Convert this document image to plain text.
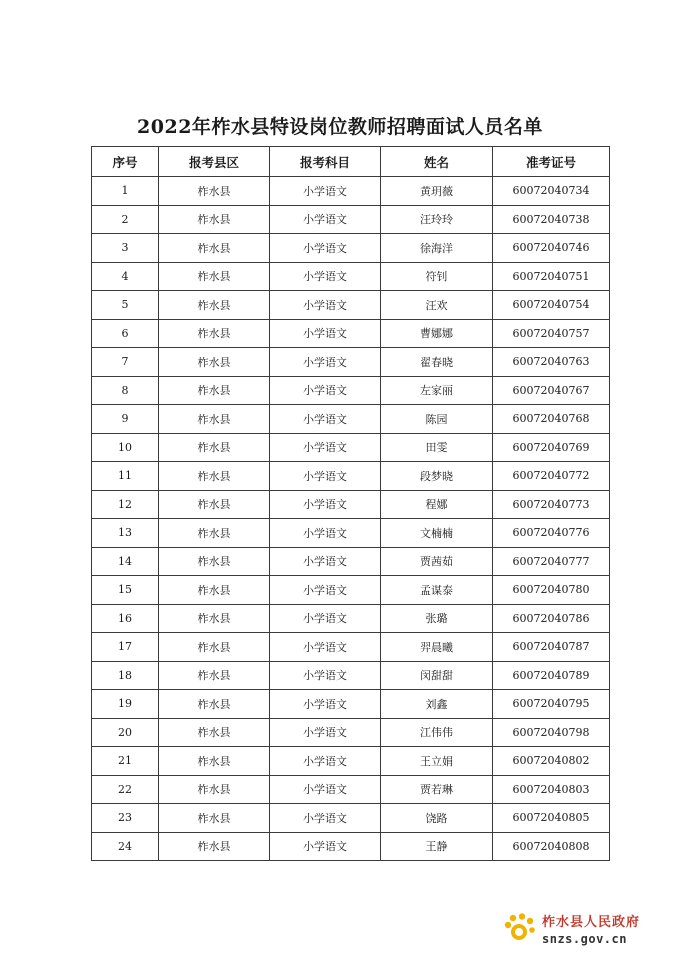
2022年柞水县特设岗位教师招聘面试人员名单
序号	报考县区	报考科目	姓名	准考证号
1	柞水县	小学语文	黄玥薇	60072040734
2	柞水县	小学语文	汪玲玲	60072040738
3	柞水县	小学语文	徐海洋	60072040746
4	柞水县	小学语文	符钊	60072040751
5	柞水县	小学语文	汪欢	60072040754
6	柞水县	小学语文	曹娜娜	60072040757
7	柞水县	小学语文	翟春晓	60072040763
8	柞水县	小学语文	左家丽	60072040767
9	柞水县	小学语文	陈园	60072040768
10	柞水县	小学语文	田雯	60072040769
11	柞水县	小学语文	段梦晓	60072040772
12	柞水县	小学语文	程娜	60072040773
13	柞水县	小学语文	文楠楠	60072040776
14	柞水县	小学语文	贾茜茹	60072040777
15	柞水县	小学语文	孟谋泰	60072040780
16	柞水县	小学语文	张璐	60072040786
17	柞水县	小学语文	羿晨曦	60072040787
18	柞水县	小学语文	闵甜甜	60072040789
19	柞水县	小学语文	刘鑫	60072040795
20	柞水县	小学语文	江伟伟	60072040798
21	柞水县	小学语文	王立娟	60072040802
22	柞水县	小学语文	贾若琳	60072040803
23	柞水县	小学语文	饶路	60072040805
24	柞水县	小学语文	王静	60072040808
柞水县人民政府
snzs.gov.cn
